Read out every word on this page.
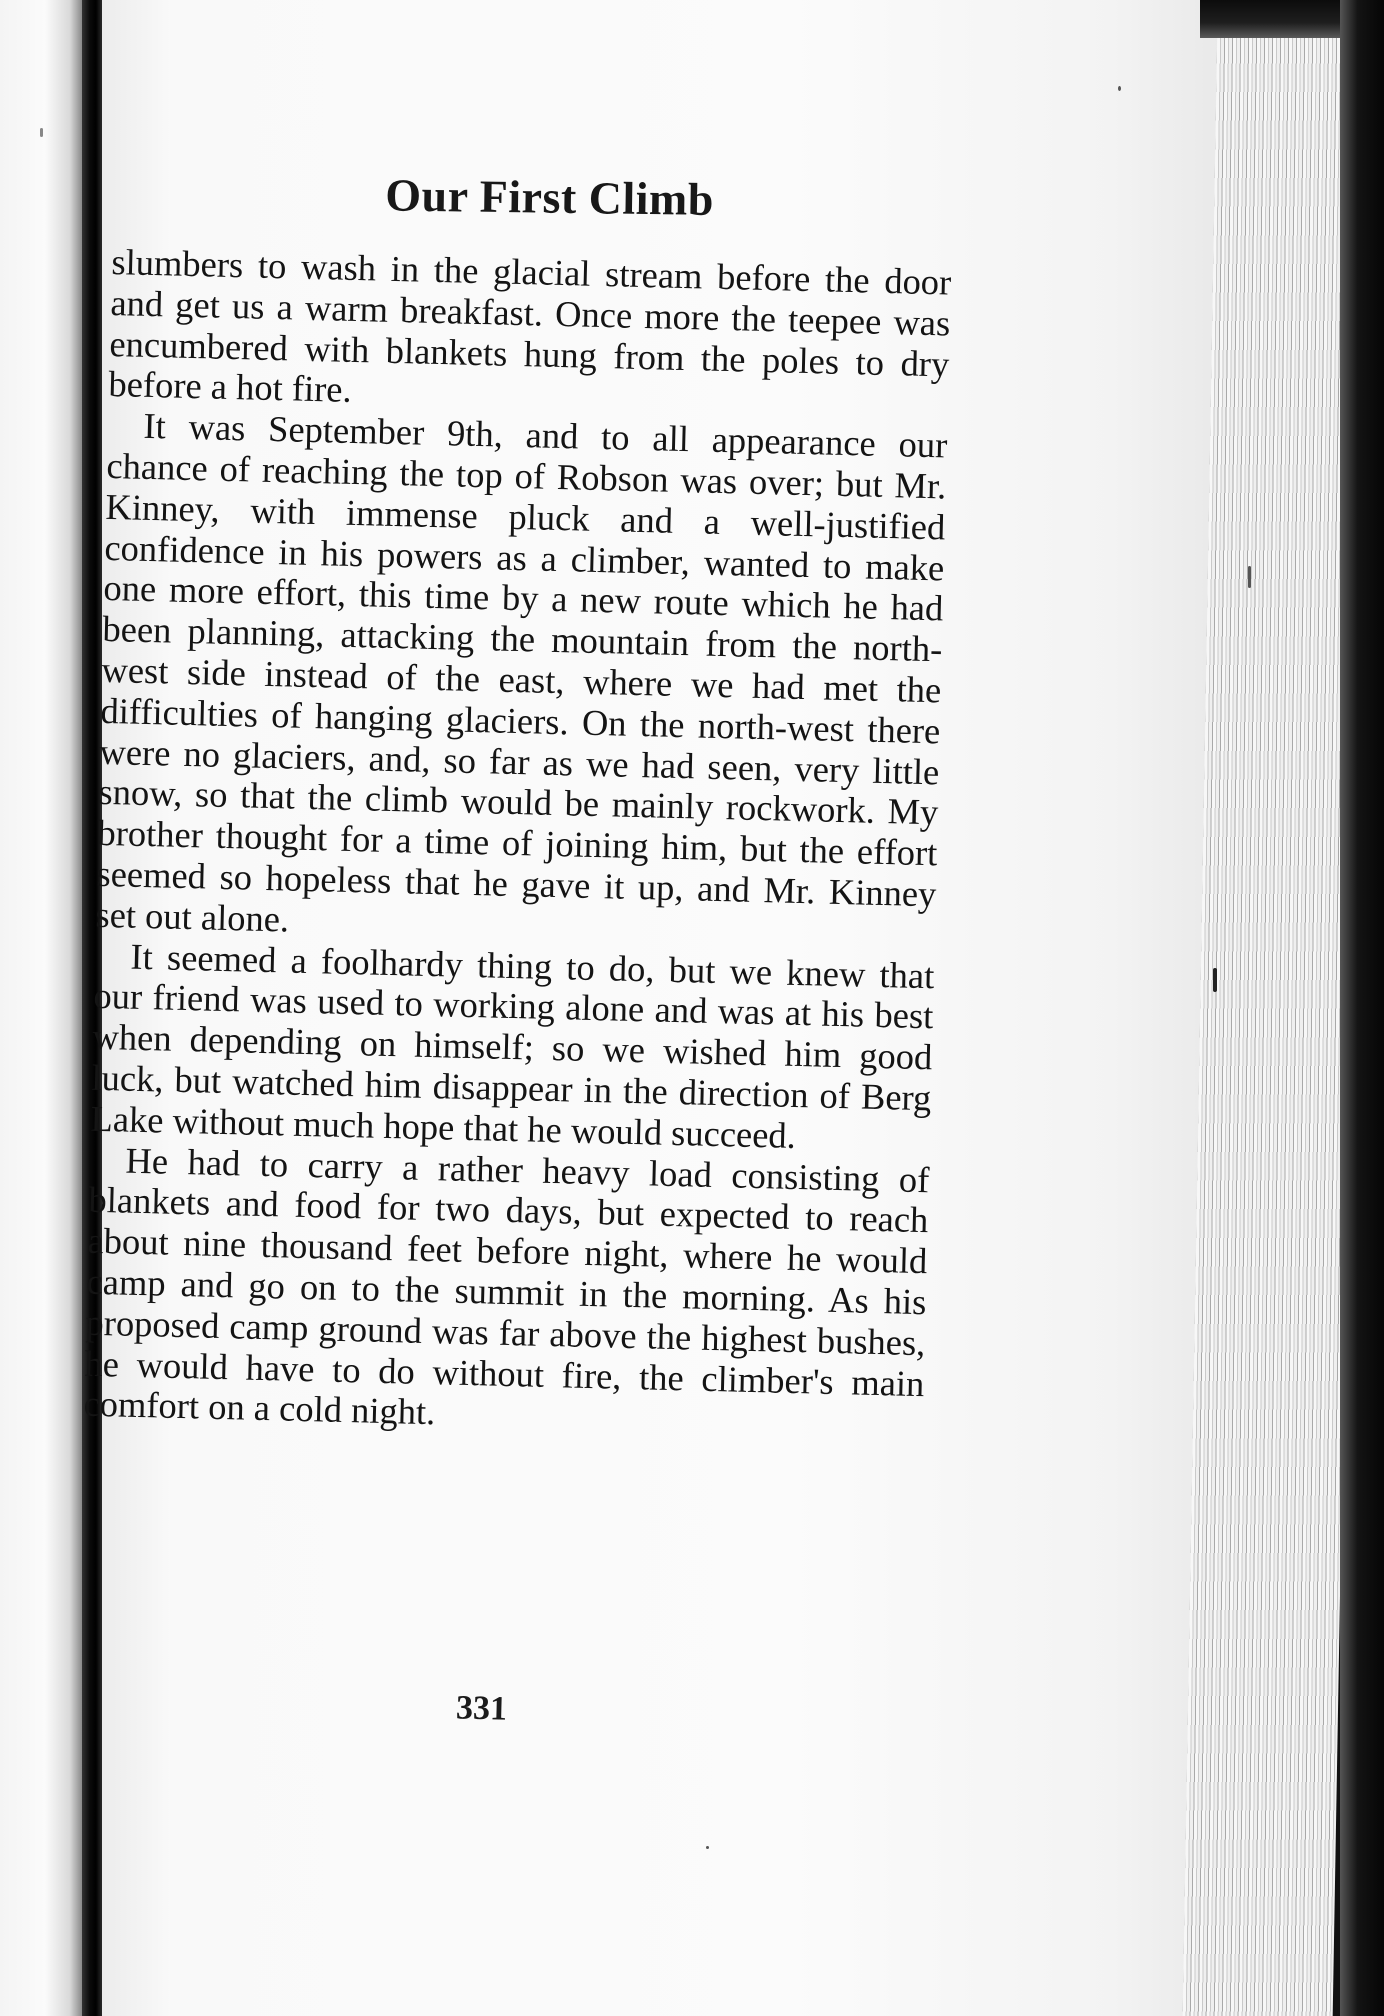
Our First Climb

slumbers to wash in the glacial stream before the door and get us a warm breakfast. Once more the teepee was encumbered with blankets hung from the poles to dry before a hot fire.

It was September 9th, and to all appearance our chance of reaching the top of Robson was over; but Mr. Kinney, with immense pluck and a well-justified confidence in his powers as a climber, wanted to make one more effort, this time by a new route which he had been planning, attacking the mountain from the north-west side instead of the east, where we had met the difficulties of hanging glaciers. On the north-west there were no glaciers, and, so far as we had seen, very little snow, so that the climb would be mainly rockwork. My brother thought for a time of joining him, but the effort seemed so hopeless that he gave it up, and Mr. Kinney set out alone.

It seemed a foolhardy thing to do, but we knew that our friend was used to working alone and was at his best when depending on himself; so we wished him good luck, but watched him disappear in the direction of Berg Lake without much hope that he would succeed.

He had to carry a rather heavy load consisting of blankets and food for two days, but expected to reach about nine thousand feet before night, where he would camp and go on to the summit in the morning. As his proposed camp ground was far above the highest bushes, he would have to do without fire, the climber's main comfort on a cold night.

331
